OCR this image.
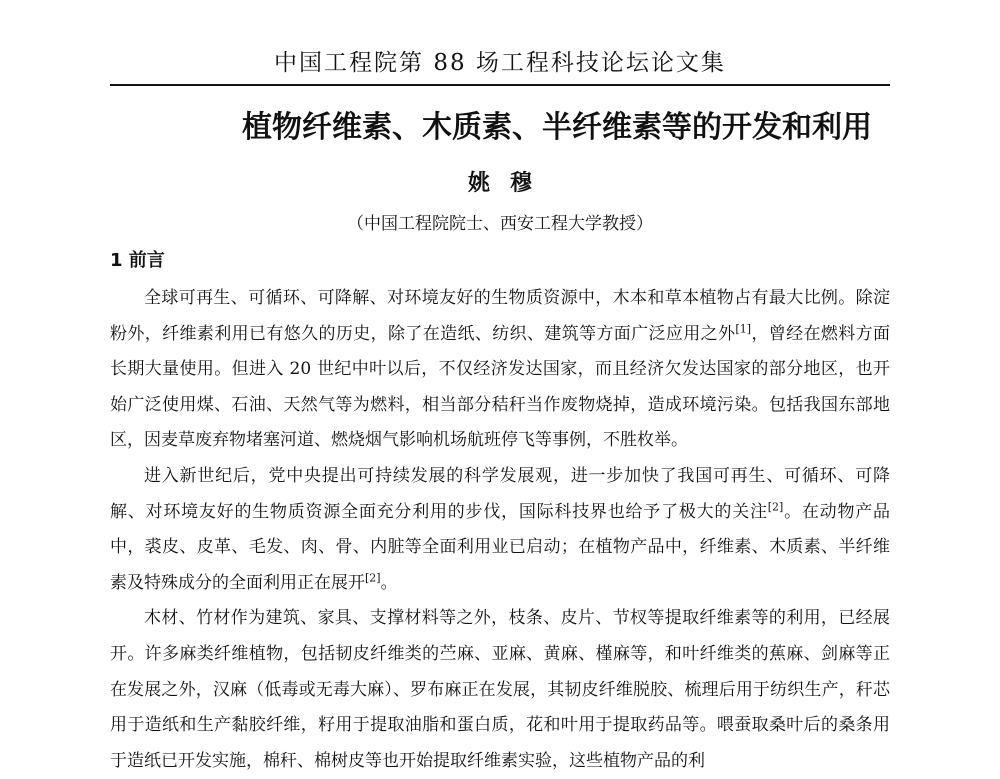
中国工程院第 88 场工程科技论坛论文集
植物纤维素、木质素、半纤维素等的开发和利用
姚穆
（中国工程院院士、西安工程大学教授）
1 前言

全球可再生、可循环、可降解、对环境友好的生物质资源中，木本和草本植物占有最大比例。除淀粉外，纤维素利用已有悠久的历史，除了在造纸、纺织、建筑等方面广泛应用之外[1]，曾经在燃料方面长期大量使用。但进入 20 世纪中叶以后，不仅经济发达国家，而且经济欠发达国家的部分地区，也开始广泛使用煤、石油、天然气等为燃料，相当部分秸秆当作废物烧掉，造成环境污染。包括我国东部地区，因麦草废弃物堵塞河道、燃烧烟气影响机场航班停飞等事例，不胜枚举。

进入新世纪后，党中央提出可持续发展的科学发展观，进一步加快了我国可再生、可循环、可降解、对环境友好的生物质资源全面充分利用的步伐，国际科技界也给予了极大的关注[2]。在动物产品中，裘皮、皮革、毛发、肉、骨、内脏等全面利用业已启动；在植物产品中，纤维素、木质素、半纤维素及特殊成分的全面利用正在展开[2]。

木材、竹材作为建筑、家具、支撑材料等之外，枝条、皮片、节杈等提取纤维素等的利用，已经展开。许多麻类纤维植物，包括韧皮纤维类的苎麻、亚麻、黄麻、槿麻等，和叶纤维类的蕉麻、剑麻等正在发展之外，汉麻（低毒或无毒大麻）、罗布麻正在发展，其韧皮纤维脱胶、梳理后用于纺织生产，秆芯用于造纸和生产黏胶纤维，籽用于提取油脂和蛋白质，花和叶用于提取药品等。喂蚕取桑叶后的桑条用于造纸已开发实施，棉秆、棉树皮等也开始提取纤维素实验，这些植物产品的利
